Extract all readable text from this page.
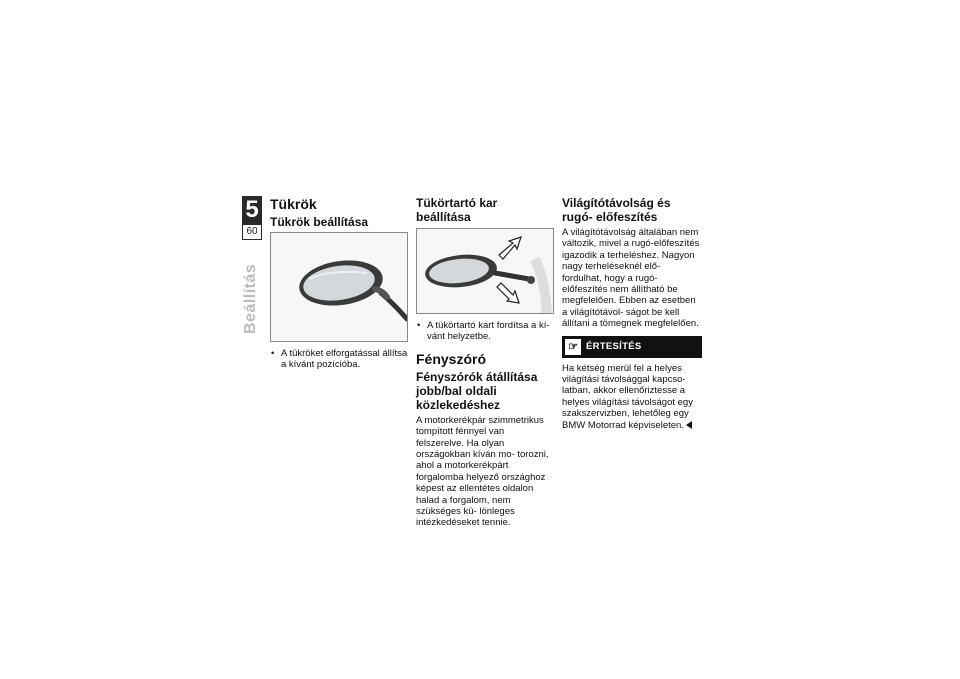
5
60
Beállítás
Tükrök
Tükrök beállítása
• A tükröket elforgatással állítsa a kívánt pozícióba.
Tükörtartó kar beállítása
• A tükörtartó kart fordítsa a kí- vánt helyzetbe.
Fényszóró
Fényszórók átállítása jobb/bal oldali közlekedéshez

A motorkerékpár szimmetrikus tompított fénnyel van felszerelve. Ha olyan országokban kíván mo- torozni, ahol a motorkerékpárt forgalomba helyező országhoz képest az ellentétes oldalon halad a forgalom, nem szükséges kü- lönleges intézkedéseket tennie.

Világítótávolság és rugó- előfeszítés

A világítótávolság általában nem változik, mivel a rugó-előfeszítés igazodik a terheléshez. Nagyon nagy terheléseknél elő- fordulhat, hogy a rugó-előfeszítés nem állítható be megfelelően. Ebben az esetben a világítótávol- ságot be kell állítani a tömegnek megfelelően.

☞ ÉRTESÍTÉS

Ha kétség merül fel a helyes világítási távolsággal kapcso- latban, akkor ellenőriztesse a helyes világítási távolságot egy szakszervizben, lehetőleg egy BMW Motorrad képviseleten.
